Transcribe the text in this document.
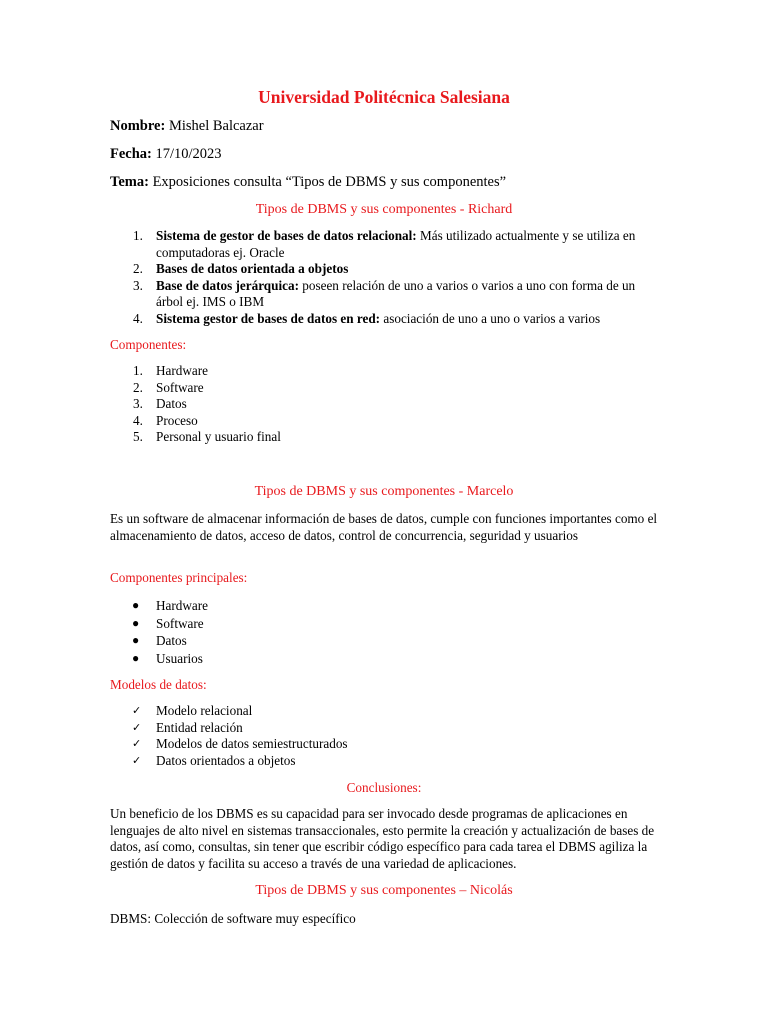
Universidad Politécnica Salesiana
Nombre: Mishel Balcazar
Fecha: 17/10/2023
Tema: Exposiciones consulta “Tipos de DBMS y sus componentes”
Tipos de DBMS y sus componentes - Richard
1. Sistema de gestor de bases de datos relacional: Más utilizado actualmente y se utiliza en computadoras ej. Oracle
2. Bases de datos orientada a objetos
3. Base de datos jerárquica: poseen relación de uno a varios o varios a uno con forma de un árbol ej. IMS o IBM
4. Sistema gestor de bases de datos en red: asociación de uno a uno o varios a varios
Componentes:
1. Hardware
2. Software
3. Datos
4. Proceso
5. Personal y usuario final
Tipos de DBMS y sus componentes - Marcelo
Es un software de almacenar información de bases de datos, cumple con funciones importantes como el almacenamiento de datos, acceso de datos, control de concurrencia, seguridad y usuarios
Componentes principales:
● Hardware
● Software
● Datos
● Usuarios
Modelos de datos:
✓ Modelo relacional
✓ Entidad relación
✓ Modelos de datos semiestructurados
✓ Datos orientados a objetos
Conclusiones:
Un beneficio de los DBMS es su capacidad para ser invocado desde programas de aplicaciones en lenguajes de alto nivel en sistemas transaccionales, esto permite la creación y actualización de bases de datos, así como, consultas, sin tener que escribir código específico para cada tarea el DBMS agiliza la gestión de datos y facilita su acceso a través de una variedad de aplicaciones.
Tipos de DBMS y sus componentes – Nicolás
DBMS: Colección de software muy específico
